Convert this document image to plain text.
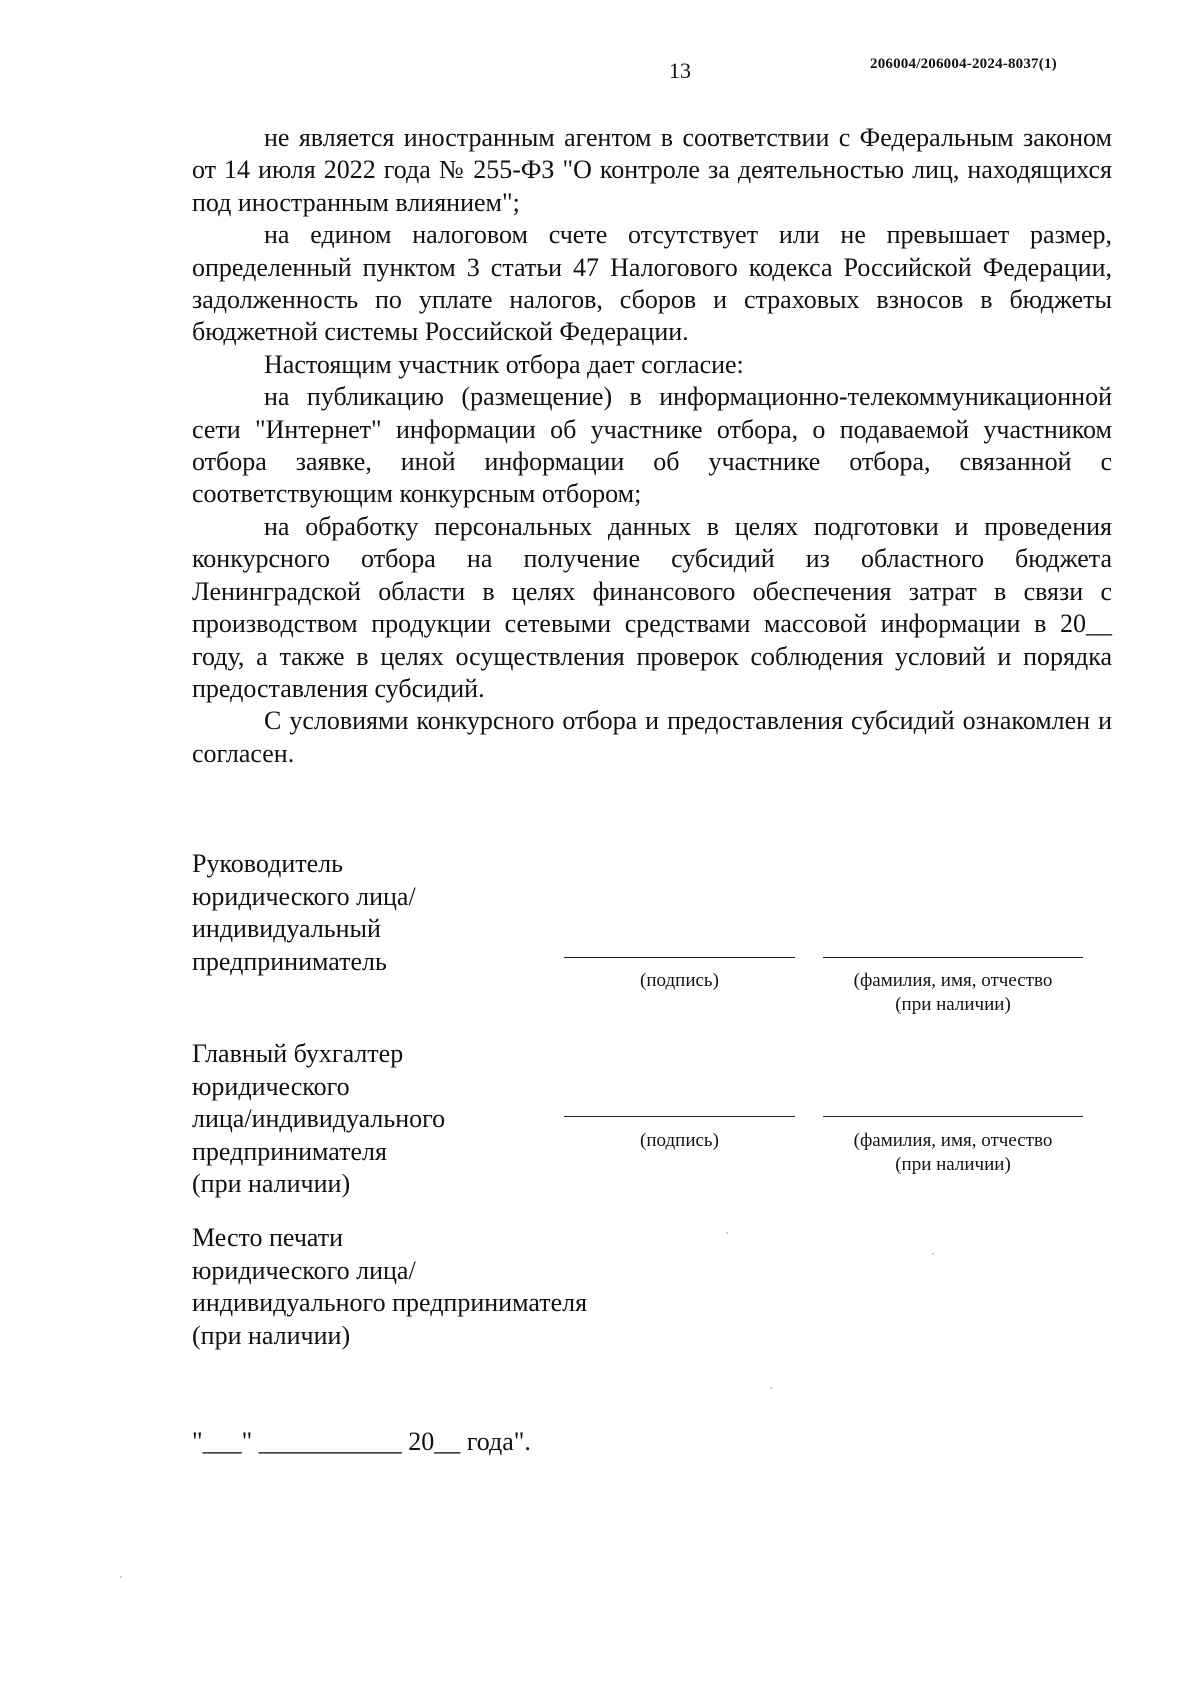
13	206004/206004-2024-8037(1)

не является иностранным агентом в соответствии с Федеральным законом от 14 июля 2022 года № 255-ФЗ "О контроле за деятельностью лиц, находящихся под иностранным влиянием";

на едином налоговом счете отсутствует или не превышает размер, определенный пунктом 3 статьи 47 Налогового кодекса Российской Федерации, задолженность по уплате налогов, сборов и страховых взносов в бюджеты бюджетной системы Российской Федерации.

Настоящим участник отбора дает согласие:

на публикацию (размещение) в информационно-телекоммуникационной сети "Интернет" информации об участнике отбора, о подаваемой участником отбора заявке, иной информации об участнике отбора, связанной с соответствующим конкурсным отбором;

на обработку персональных данных в целях подготовки и проведения конкурсного отбора на получение субсидий из областного бюджета Ленинградской области в целях финансового обеспечения затрат в связи с производством продукции сетевыми средствами массовой информации в 20__ году, а также в целях осуществления проверок соблюдения условий и порядка предоставления субсидий.

С условиями конкурсного отбора и предоставления субсидий ознакомлен и согласен.

Руководитель
юридического лица/
индивидуальный
предприниматель
(подпись)	(фамилия, имя, отчество
(при наличии)
Главный бухгалтер
юридического
лица/индивидуального
предпринимателя
(при наличии)
(подпись)	(фамилия, имя, отчество
(при наличии)
Место печати
юридического лица/
индивидуального предпринимателя
(при наличии)
"___" ___________ 20__ года".
